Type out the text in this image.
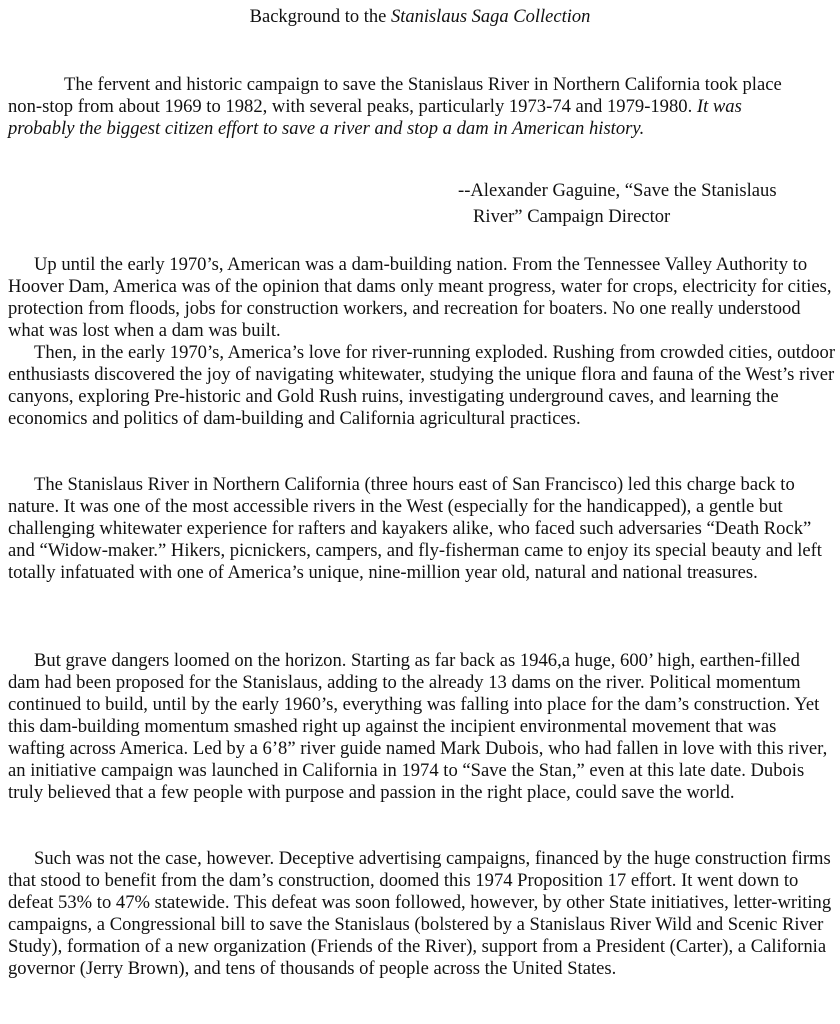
Background to the Stanislaus Saga Collection

The fervent and historic campaign to save the Stanislaus River in Northern California took place non-stop from about 1969 to 1982, with several peaks, particularly 1973-74 and 1979-1980. It was probably the biggest citizen effort to save a river and stop a dam in American history.

--Alexander Gaguine, “Save the Stanislaus
River” Campaign Director

Up until the early 1970’s, American was a dam-building nation. From the Tennessee Valley Authority to Hoover Dam, America was of the opinion that dams only meant progress, water for crops, electricity for cities, protection from floods, jobs for construction workers, and recreation for boaters. No one really understood what was lost when a dam was built.

Then, in the early 1970’s, America’s love for river-running exploded. Rushing from crowded cities, outdoor enthusiasts discovered the joy of navigating whitewater, studying the unique flora and fauna of the West’s river canyons, exploring Pre-historic and Gold Rush ruins, investigating underground caves, and learning the economics and politics of dam-building and California agricultural practices.

The Stanislaus River in Northern California (three hours east of San Francisco) led this charge back to nature. It was one of the most accessible rivers in the West (especially for the handicapped), a gentle but challenging whitewater experience for rafters and kayakers alike, who faced such adversaries “Death Rock” and “Widow-maker.” Hikers, picnickers, campers, and fly-fisherman came to enjoy its special beauty and left totally infatuated with one of America’s unique, nine-million year old, natural and national treasures.

But grave dangers loomed on the horizon. Starting as far back as 1946,a huge, 600’ high, earthen-filled dam had been proposed for the Stanislaus, adding to the already 13 dams on the river. Political momentum continued to build, until by the early 1960’s, everything was falling into place for the dam’s construction. Yet this dam-building momentum smashed right up against the incipient environmental movement that was wafting across America. Led by a 6’8” river guide named Mark Dubois, who had fallen in love with this river, an initiative campaign was launched in California in 1974 to “Save the Stan,” even at this late date. Dubois truly believed that a few people with purpose and passion in the right place, could save the world.

Such was not the case, however. Deceptive advertising campaigns, financed by the huge construction firms that stood to benefit from the dam’s construction, doomed this 1974 Proposition 17 effort. It went down to defeat 53% to 47% statewide. This defeat was soon followed, however, by other State initiatives, letter-writing campaigns, a Congressional bill to save the Stanislaus (bolstered by a Stanislaus River Wild and Scenic River Study), formation of a new organization (Friends of the River), support from a President (Carter), a California governor (Jerry Brown), and tens of thousands of people across the United States.
